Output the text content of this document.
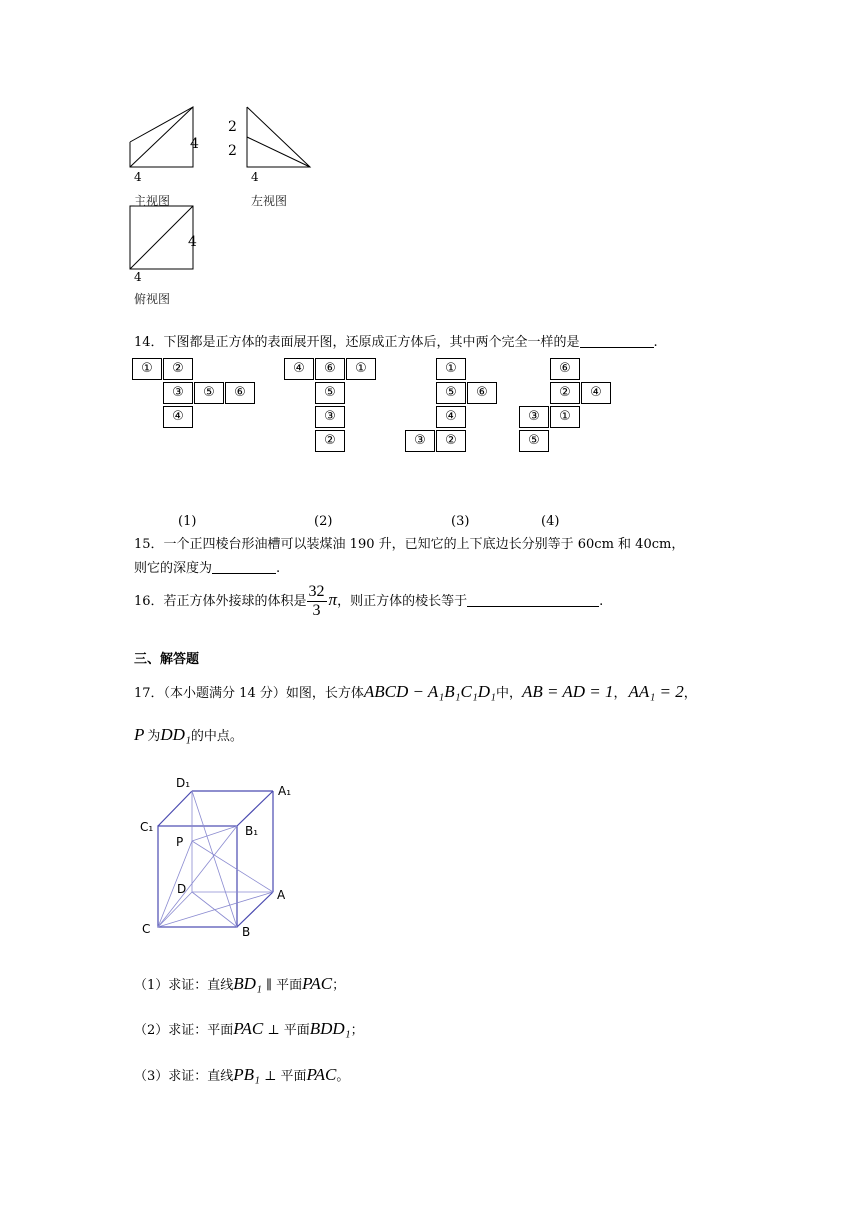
4
4
主视图
2
2
4
左视图
4
4
俯视图
14．下图都是正方体的表面展开图，还原成正方体后，其中两个完全一样的是	.
①	②
③	⑤	⑥
④
④	⑥	①
⑤
③
②
①
⑤	⑥
④
③	②
⑥
②	④
③	①
⑤
(1)	(2)	(3)	(4)
15．一个正四棱台形油槽可以装煤油 190 升，已知它的上下底边长分别等于 60cm 和 40cm，
则它的深度为	.
16．若正方体外接球的体积是 $\frac{32}{3}$ π，则正方体的棱长等于	.
三、解答题
17．（本小题满分 14 分）如图，长方体ABCD − A₁B₁C₁D₁中，AB = AD = 1， AA₁ = 2，
P 为DD₁的中点。
D₁
A₁
C₁	B₁
P
D	A
C	B
（1）求证：直线BD₁ ∥ 平面PAC；
（2）求证：平面PAC ⊥ 平面BDD₁；
（3）求证：直线PB₁ ⊥ 平面PAC。
